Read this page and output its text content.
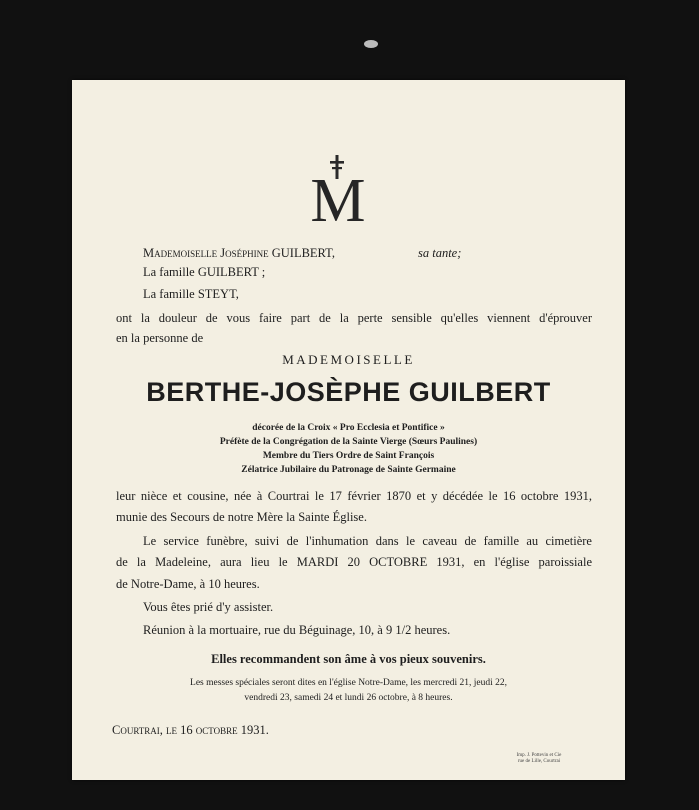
M
Mademoiselle Joséphine GUILBERT,	sa tante;
La famille GUILBERT ;
La famille STEYT,
ont la douleur de vous faire part de la perte sensible qu'elles viennent d'éprouver
en la personne de
MADEMOISELLE
BERTHE-JOSÈPHE GUILBERT
décorée de la Croix « Pro Ecclesia et Pontifice »
Préfète de la Congrégation de la Sainte Vierge (Sœurs Paulines)
Membre du Tiers Ordre de Saint François
Zélatrice Jubilaire du Patronage de Sainte Germaine
leur nièce et cousine, née à Courtrai le 17 février 1870 et y décédée le 16 octobre 1931,
munie des Secours de notre Mère la Sainte Église.
Le service funèbre, suivi de l'inhumation dans le caveau de famille au cimetière
de la Madeleine, aura lieu le MARDI 20 OCTOBRE 1931, en l'église paroissiale
de Notre-Dame, à 10 heures.
Vous êtes prié d'y assister.
Réunion à la mortuaire, rue du Béguinage, 10, à 9 1/2 heures.
Elles recommandent son âme à vos pieux souvenirs.
Les messes spéciales seront dites en l'église Notre-Dame, les mercredi 21, jeudi 22,
vendredi 23, samedi 24 et lundi 26 octobre, à 8 heures.
Courtrai, le 16 octobre 1931.
Imp. J. Pottevin et Cie
rue de Lille, Courtrai
